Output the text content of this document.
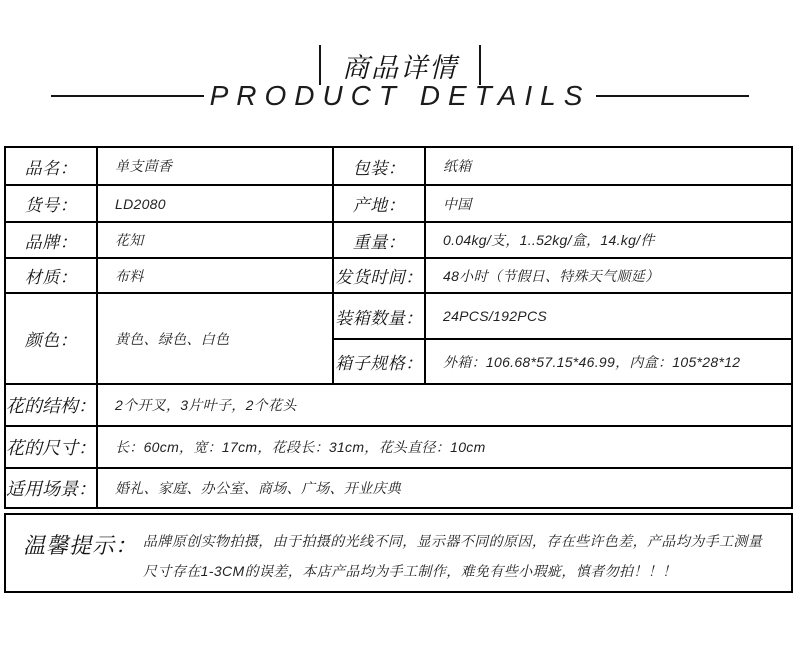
商品详情
PRODUCT DETAILS
品名：	单支茴香	包装：	纸箱
货号：	LD2080	产地：	中国
品牌：	花知	重量：	0.04kg/支，1..52kg/盒，14.kg/件
材质：	布料	发货时间：	48小时（节假日、特殊天气顺延）
颜色：	黄色、绿色、白色
装箱数量：	24PCS/192PCS
箱子规格：	外箱：106.68*57.15*46.99，内盒：105*28*12
花的结构：	2个开叉，3片叶子，2个花头
花的尺寸：	长：60cm，宽：17cm，花段长：31cm，花头直径：10cm
适用场景：	婚礼、家庭、办公室、商场、广场、开业庆典
温馨提示： 品牌原创实物拍摄，由于拍摄的光线不同，显示器不同的原因，存在些许色差，产品均为手工测量
尺寸存在1-3CM的误差，本店产品均为手工制作，难免有些小瑕疵，慎者勿拍！！！
